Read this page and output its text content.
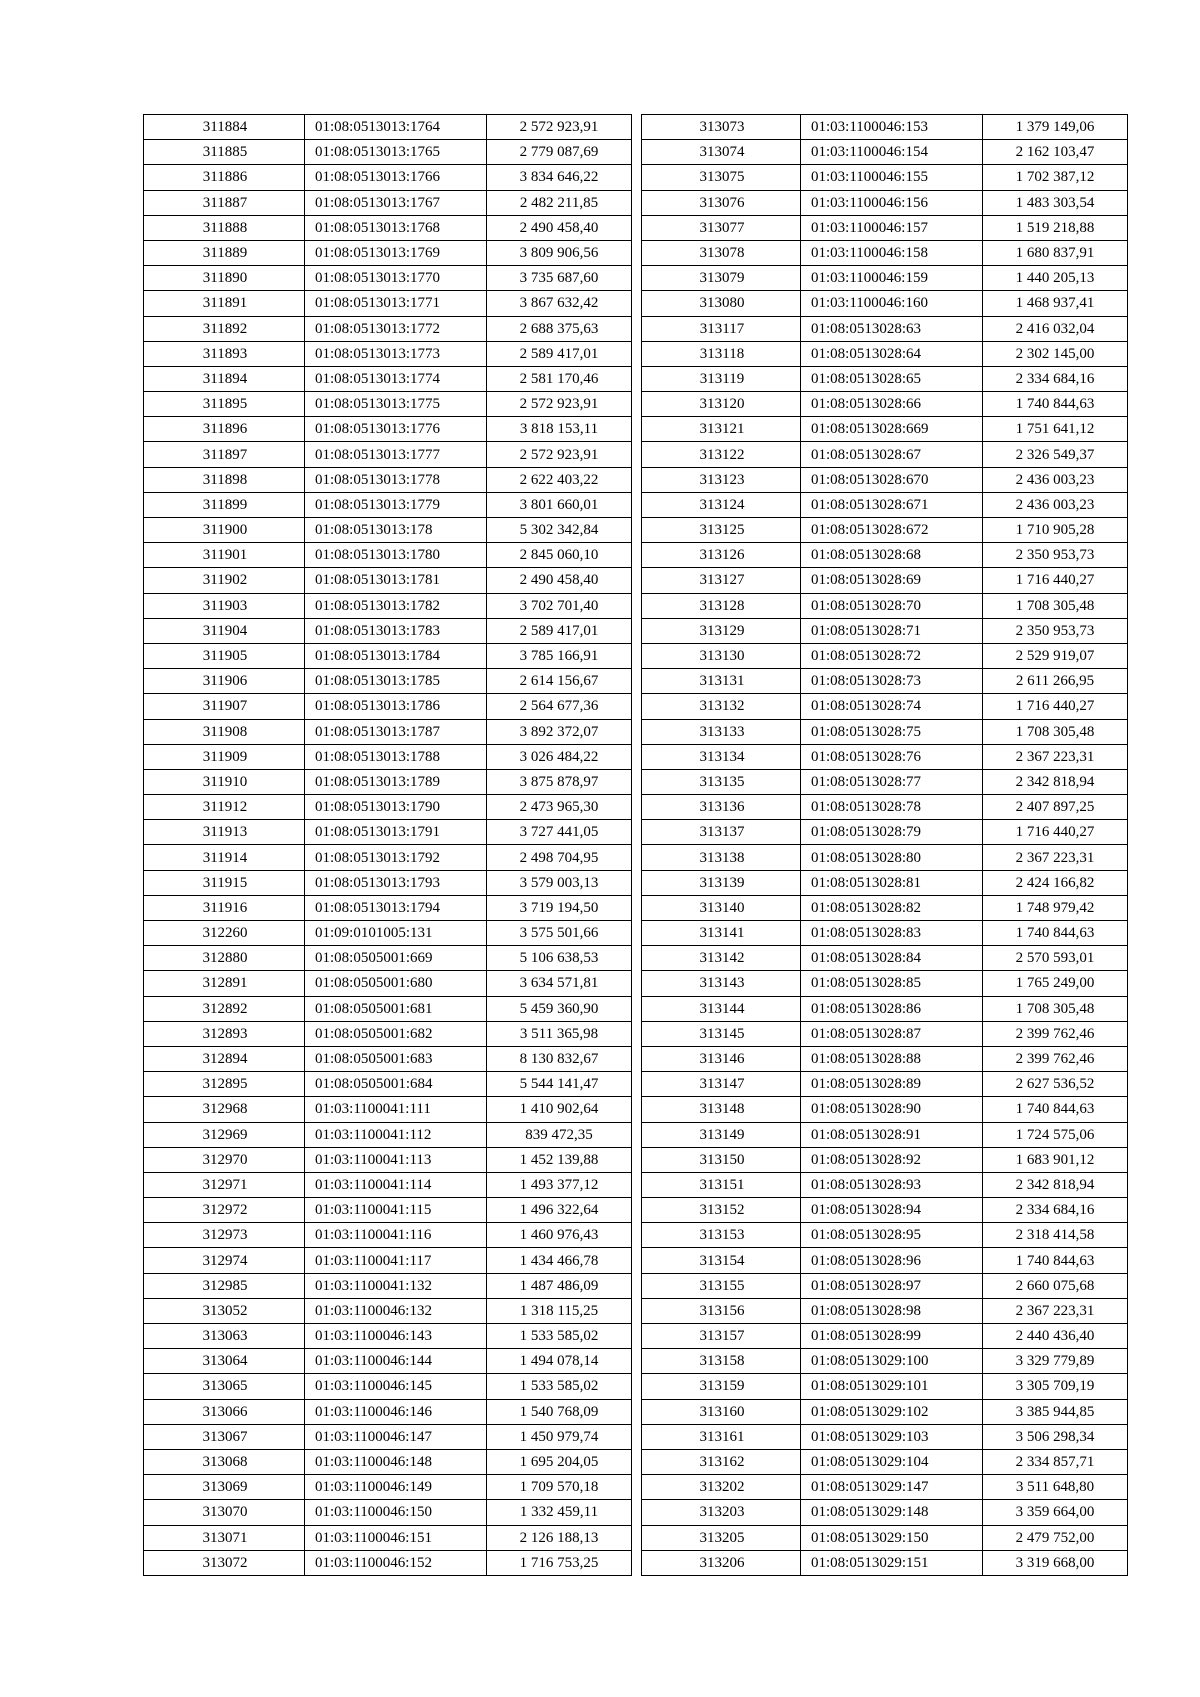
311884	01:08:0513013:1764	2 572 923,91
311885	01:08:0513013:1765	2 779 087,69
311886	01:08:0513013:1766	3 834 646,22
311887	01:08:0513013:1767	2 482 211,85
311888	01:08:0513013:1768	2 490 458,40
311889	01:08:0513013:1769	3 809 906,56
311890	01:08:0513013:1770	3 735 687,60
311891	01:08:0513013:1771	3 867 632,42
311892	01:08:0513013:1772	2 688 375,63
311893	01:08:0513013:1773	2 589 417,01
311894	01:08:0513013:1774	2 581 170,46
311895	01:08:0513013:1775	2 572 923,91
311896	01:08:0513013:1776	3 818 153,11
311897	01:08:0513013:1777	2 572 923,91
311898	01:08:0513013:1778	2 622 403,22
311899	01:08:0513013:1779	3 801 660,01
311900	01:08:0513013:178	5 302 342,84
311901	01:08:0513013:1780	2 845 060,10
311902	01:08:0513013:1781	2 490 458,40
311903	01:08:0513013:1782	3 702 701,40
311904	01:08:0513013:1783	2 589 417,01
311905	01:08:0513013:1784	3 785 166,91
311906	01:08:0513013:1785	2 614 156,67
311907	01:08:0513013:1786	2 564 677,36
311908	01:08:0513013:1787	3 892 372,07
311909	01:08:0513013:1788	3 026 484,22
311910	01:08:0513013:1789	3 875 878,97
311912	01:08:0513013:1790	2 473 965,30
311913	01:08:0513013:1791	3 727 441,05
311914	01:08:0513013:1792	2 498 704,95
311915	01:08:0513013:1793	3 579 003,13
311916	01:08:0513013:1794	3 719 194,50
312260	01:09:0101005:131	3 575 501,66
312880	01:08:0505001:669	5 106 638,53
312891	01:08:0505001:680	3 634 571,81
312892	01:08:0505001:681	5 459 360,90
312893	01:08:0505001:682	3 511 365,98
312894	01:08:0505001:683	8 130 832,67
312895	01:08:0505001:684	5 544 141,47
312968	01:03:1100041:111	1 410 902,64
312969	01:03:1100041:112	839 472,35
312970	01:03:1100041:113	1 452 139,88
312971	01:03:1100041:114	1 493 377,12
312972	01:03:1100041:115	1 496 322,64
312973	01:03:1100041:116	1 460 976,43
312974	01:03:1100041:117	1 434 466,78
312985	01:03:1100041:132	1 487 486,09
313052	01:03:1100046:132	1 318 115,25
313063	01:03:1100046:143	1 533 585,02
313064	01:03:1100046:144	1 494 078,14
313065	01:03:1100046:145	1 533 585,02
313066	01:03:1100046:146	1 540 768,09
313067	01:03:1100046:147	1 450 979,74
313068	01:03:1100046:148	1 695 204,05
313069	01:03:1100046:149	1 709 570,18
313070	01:03:1100046:150	1 332 459,11
313071	01:03:1100046:151	2 126 188,13
313072	01:03:1100046:152	1 716 753,25
313073	01:03:1100046:153	1 379 149,06
313074	01:03:1100046:154	2 162 103,47
313075	01:03:1100046:155	1 702 387,12
313076	01:03:1100046:156	1 483 303,54
313077	01:03:1100046:157	1 519 218,88
313078	01:03:1100046:158	1 680 837,91
313079	01:03:1100046:159	1 440 205,13
313080	01:03:1100046:160	1 468 937,41
313117	01:08:0513028:63	2 416 032,04
313118	01:08:0513028:64	2 302 145,00
313119	01:08:0513028:65	2 334 684,16
313120	01:08:0513028:66	1 740 844,63
313121	01:08:0513028:669	1 751 641,12
313122	01:08:0513028:67	2 326 549,37
313123	01:08:0513028:670	2 436 003,23
313124	01:08:0513028:671	2 436 003,23
313125	01:08:0513028:672	1 710 905,28
313126	01:08:0513028:68	2 350 953,73
313127	01:08:0513028:69	1 716 440,27
313128	01:08:0513028:70	1 708 305,48
313129	01:08:0513028:71	2 350 953,73
313130	01:08:0513028:72	2 529 919,07
313131	01:08:0513028:73	2 611 266,95
313132	01:08:0513028:74	1 716 440,27
313133	01:08:0513028:75	1 708 305,48
313134	01:08:0513028:76	2 367 223,31
313135	01:08:0513028:77	2 342 818,94
313136	01:08:0513028:78	2 407 897,25
313137	01:08:0513028:79	1 716 440,27
313138	01:08:0513028:80	2 367 223,31
313139	01:08:0513028:81	2 424 166,82
313140	01:08:0513028:82	1 748 979,42
313141	01:08:0513028:83	1 740 844,63
313142	01:08:0513028:84	2 570 593,01
313143	01:08:0513028:85	1 765 249,00
313144	01:08:0513028:86	1 708 305,48
313145	01:08:0513028:87	2 399 762,46
313146	01:08:0513028:88	2 399 762,46
313147	01:08:0513028:89	2 627 536,52
313148	01:08:0513028:90	1 740 844,63
313149	01:08:0513028:91	1 724 575,06
313150	01:08:0513028:92	1 683 901,12
313151	01:08:0513028:93	2 342 818,94
313152	01:08:0513028:94	2 334 684,16
313153	01:08:0513028:95	2 318 414,58
313154	01:08:0513028:96	1 740 844,63
313155	01:08:0513028:97	2 660 075,68
313156	01:08:0513028:98	2 367 223,31
313157	01:08:0513028:99	2 440 436,40
313158	01:08:0513029:100	3 329 779,89
313159	01:08:0513029:101	3 305 709,19
313160	01:08:0513029:102	3 385 944,85
313161	01:08:0513029:103	3 506 298,34
313162	01:08:0513029:104	2 334 857,71
313202	01:08:0513029:147	3 511 648,80
313203	01:08:0513029:148	3 359 664,00
313205	01:08:0513029:150	2 479 752,00
313206	01:08:0513029:151	3 319 668,00
